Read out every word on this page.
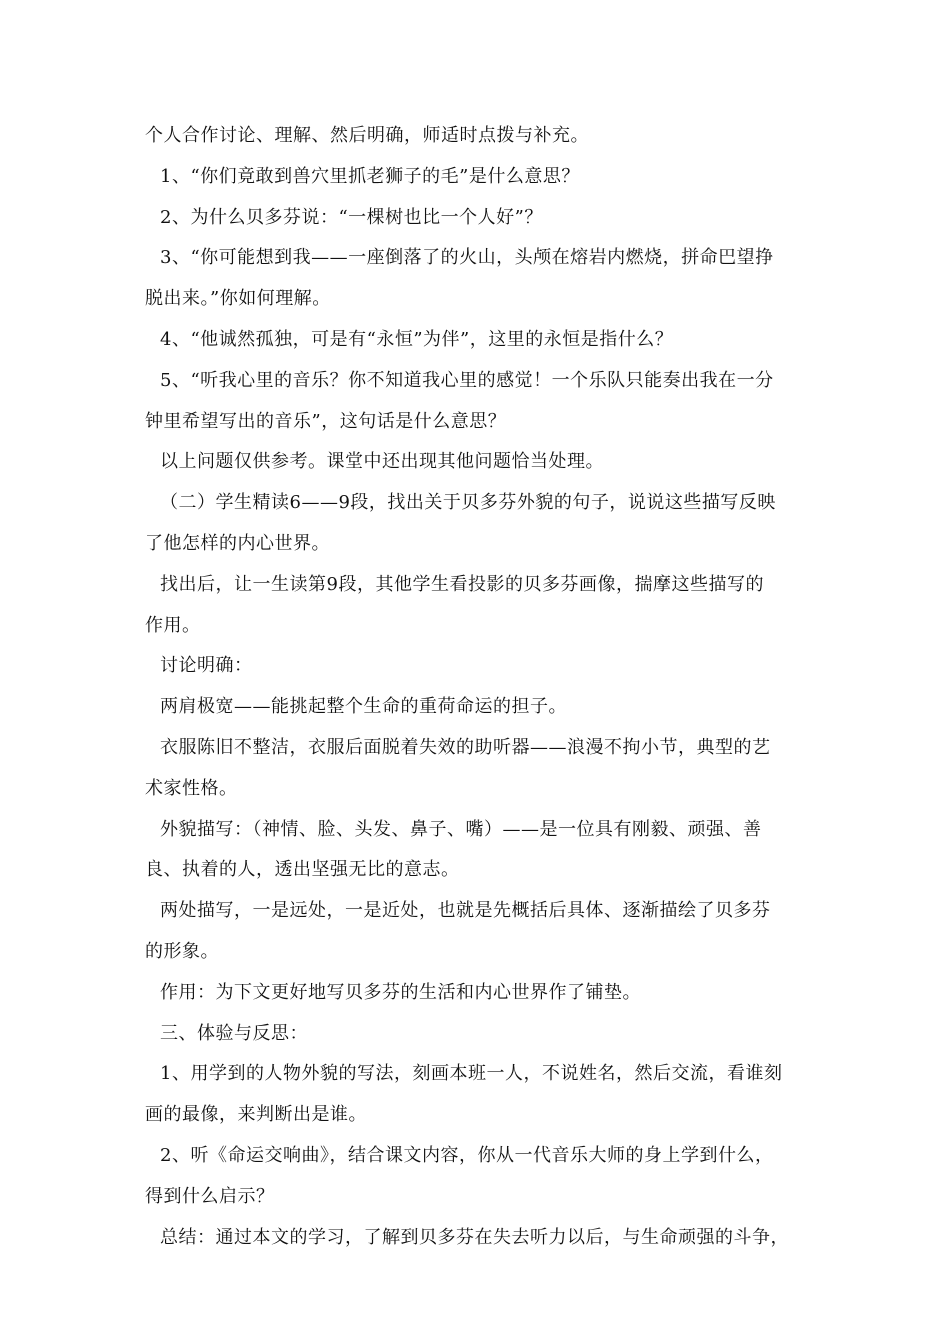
个人合作讨论、理解、然后明确，师适时点拨与补充。
1、“你们竟敢到兽穴里抓老狮子的毛”是什么意思？
2、为什么贝多芬说：“一棵树也比一个人好”？
3、“你可能想到我——一座倒落了的火山，头颅在熔岩内燃烧，拼命巴望挣
脱出来。”你如何理解。
4、“他诚然孤独，可是有“永恒”为伴”，这里的永恒是指什么？
5、“听我心里的音乐？你不知道我心里的感觉！一个乐队只能奏出我在一分
钟里希望写出的音乐”，这句话是什么意思？
以上问题仅供参考。课堂中还出现其他问题恰当处理。
（二）学生精读6——9段，找出关于贝多芬外貌的句子，说说这些描写反映
了他怎样的内心世界。
找出后，让一生读第9段，其他学生看投影的贝多芬画像，揣摩这些描写的
作用。
讨论明确：
两肩极宽——能挑起整个生命的重荷命运的担子。
衣服陈旧不整洁，衣服后面脱着失效的助听器——浪漫不拘小节，典型的艺
术家性格。
外貌描写：（神情、脸、头发、鼻子、嘴）——是一位具有刚毅、顽强、善
良、执着的人，透出坚强无比的意志。
两处描写，一是远处，一是近处，也就是先概括后具体、逐渐描绘了贝多芬
的形象。
作用：为下文更好地写贝多芬的生活和内心世界作了铺垫。
三、体验与反思：
1、用学到的人物外貌的写法，刻画本班一人，不说姓名，然后交流，看谁刻
画的最像，来判断出是谁。
2、听《命运交响曲》，结合课文内容，你从一代音乐大师的身上学到什么，
得到什么启示？
总结：通过本文的学习，了解到贝多芬在失去听力以后，与生命顽强的斗争，
